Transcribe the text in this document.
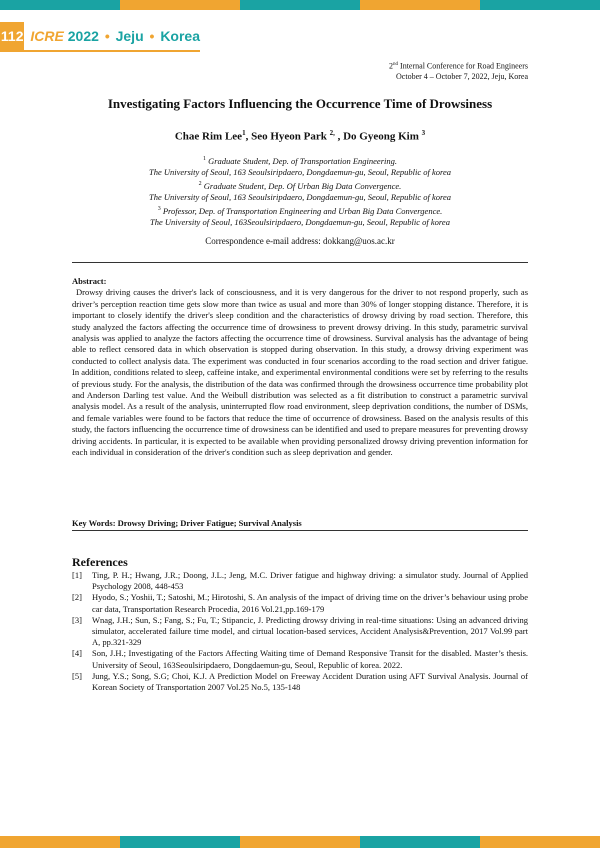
112 ICRE 2022 • Jeju • Korea
2nd Internal Conference for Road Engineers
October 4 – October 7, 2022, Jeju, Korea
Investigating Factors Influencing the Occurrence Time of Drowsiness
Chae Rim Lee$^1$, Seo Hyeon Park $^{2,}$ , Do Gyeong Kim $^3$
$^1$ Graduate Student, Dep. of Transportation Engineering.
The University of Seoul, 163 Seoulsiripdaero, Dongdaemun-gu, Seoul, Republic of korea
$^2$ Graduate Student, Dep. Of Urban Big Data Convergence.
The University of Seoul, 163 Seoulsiripdaero, Dongdaemun-gu, Seoul, Republic of korea
$^3$ Professor, Dep. of Transportation Engineering and Urban Big Data Convergence.
The University of Seoul, 163Seoulsiripdaero, Dongdaemun-gu, Seoul, Republic of korea
Correspondence e-mail address: dokkang@uos.ac.kr
Abstract:

Drowsy driving causes the driver's lack of consciousness, and it is very dangerous for the driver to not respond properly, such as driver’s perception reaction time gets slow more than twice as usual and more than 30% of longer stopping distance. Therefore, it is important to closely identify the driver's sleep condition and the characteristics of drowsy driving by road section. Therefore, this study analyzed the factors affecting the occurrence time of drowsiness to prevent drowsy driving. In this study, parametric survival analysis was applied to analyze the factors affecting the occurrence time of drowsiness. Survival analysis has the advantage of being able to reflect censored data in which observation is stopped during observation. In this study, a drowsy driving experiment was conducted to collect analysis data. The experiment was conducted in four scenarios according to the road section and driver fatigue. In addition, conditions related to sleep, caffeine intake, and experimental environmental conditions were set by referring to the results of previous study. For the analysis, the distribution of the data was confirmed through the drowsiness occurrence time probability plot and Anderson Darling test value. And the Weibull distribution was selected as a fit distribution to construct a parametric survival analysis model. As a result of the analysis, uninterrupted flow road environment, sleep deprivation conditions, the number of DSMs, and female variables were found to be factors that reduce the time of occurrence of drowsiness. Based on the analysis results of this study, the factors influencing the occurrence time of drowsiness can be identified and used to prepare measures for preventing drowsy driving accidents. In particular, it is expected to be available when providing personalized drowsy driving prevention information for each individual in consideration of the driver's condition such as sleep deprivation and gender.

Key Words: Drowsy Driving; Driver Fatigue; Survival Analysis
References
[1]	Ting, P. H.; Hwang, J.R.; Doong, J.L.; Jeng, M.C. Driver fatigue and highway driving: a simulator study. Journal of Applied Psychology 2008, 448-453
[2]	Hyodo, S.; Yoshii, T.; Satoshi, M.; Hirotoshi, S. An analysis of the impact of driving time on the driver’s behaviour using probe car data, Transportation Research Procedia, 2016 Vol.21,pp.169-179
[3]	Wnag, J.H.; Sun, S.; Fang, S.; Fu, T.; Stipancic, J. Predicting drowsy driving in real-time situations: Using an advanced driving simulator, accelerated failure time model, and cirtual location-based services, Accident Analysis&Prevention, 2017 Vol.99 part A, pp.321-329
[4]	Son, J.H.; Investigating of the Factors Affecting Waiting time of Demand Responsive Transit for the disabled. Master’s thesis. University of Seoul, 163Seoulsiripdaero, Dongdaemun-gu, Seoul, Republic of korea. 2022.
[5]	Jung, Y.S.; Song, S.G; Choi, K.J. A Prediction Model on Freeway Accident Duration using AFT Survival Analysis. Journal of Korean Society of Transportation 2007 Vol.25 No.5, 135-148
